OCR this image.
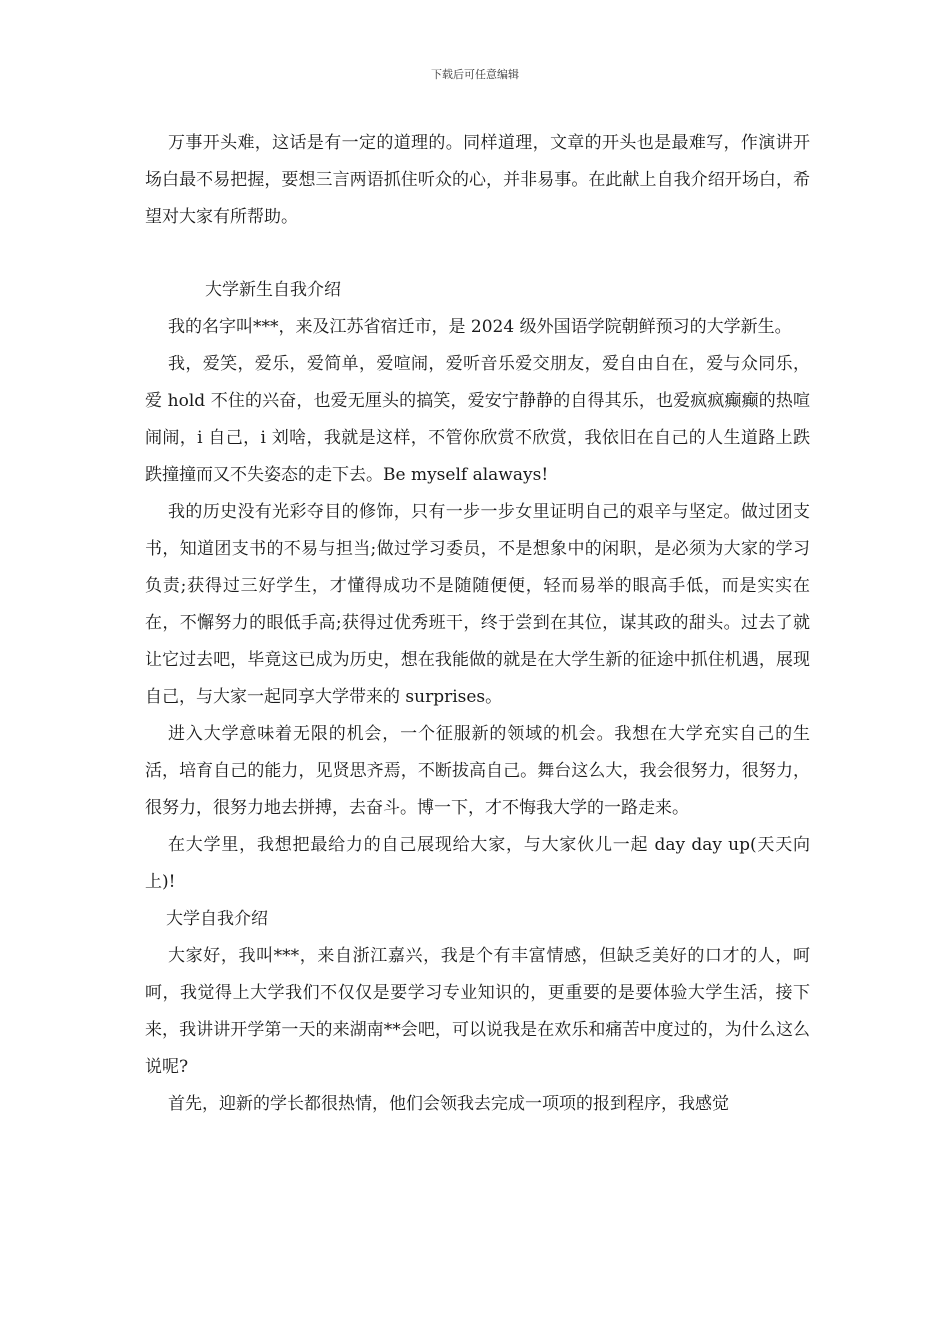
下载后可任意编辑

万事开头难，这话是有一定的道理的。同样道理，文章的开头也是最难写，作演讲开场白最不易把握，要想三言两语抓住听众的心，并非易事。在此献上自我介绍开场白，希望对大家有所帮助。

大学新生自我介绍

我的名字叫***，来及江苏省宿迁市，是 2024 级外国语学院朝鲜预习的大学新生。

我，爱笑，爱乐，爱简单，爱喧闹，爱听音乐爱交朋友，爱自由自在，爱与众同乐，爱 hold 不住的兴奋，也爱无厘头的搞笑，爱安宁静静的自得其乐，也爱疯疯癫癫的热喧闹闹，i 自己，i 刘啥，我就是这样，不管你欣赏不欣赏，我依旧在自己的人生道路上跌跌撞撞而又不失姿态的走下去。Be myself alaways!

我的历史没有光彩夺目的修饰，只有一步一步女里证明自己的艰辛与坚定。做过团支书，知道团支书的不易与担当;做过学习委员，不是想象中的闲职，是必须为大家的学习负责;获得过三好学生，才懂得成功不是随随便便，轻而易举的眼高手低，而是实实在在，不懈努力的眼低手高;获得过优秀班干，终于尝到在其位，谋其政的甜头。过去了就让它过去吧，毕竟这已成为历史，想在我能做的就是在大学生新的征途中抓住机遇，展现自己，与大家一起同享大学带来的 surprises。

进入大学意味着无限的机会，一个征服新的领域的机会。我想在大学充实自己的生活，培育自己的能力，见贤思齐焉，不断拔高自己。舞台这么大，我会很努力，很努力，很努力，很努力地去拼搏，去奋斗。博一下，才不悔我大学的一路走来。

在大学里，我想把最给力的自己展现给大家，与大家伙儿一起 day day up(天天向上)!

大学自我介绍

大家好，我叫***，来自浙江嘉兴，我是个有丰富情感，但缺乏美好的口才的人，呵呵，我觉得上大学我们不仅仅是要学习专业知识的，更重要的是要体验大学生活，接下来，我讲讲开学第一天的来湖南**会吧，可以说我是在欢乐和痛苦中度过的，为什么这么说呢?

首先，迎新的学长都很热情，他们会领我去完成一项项的报到程序，我感觉
